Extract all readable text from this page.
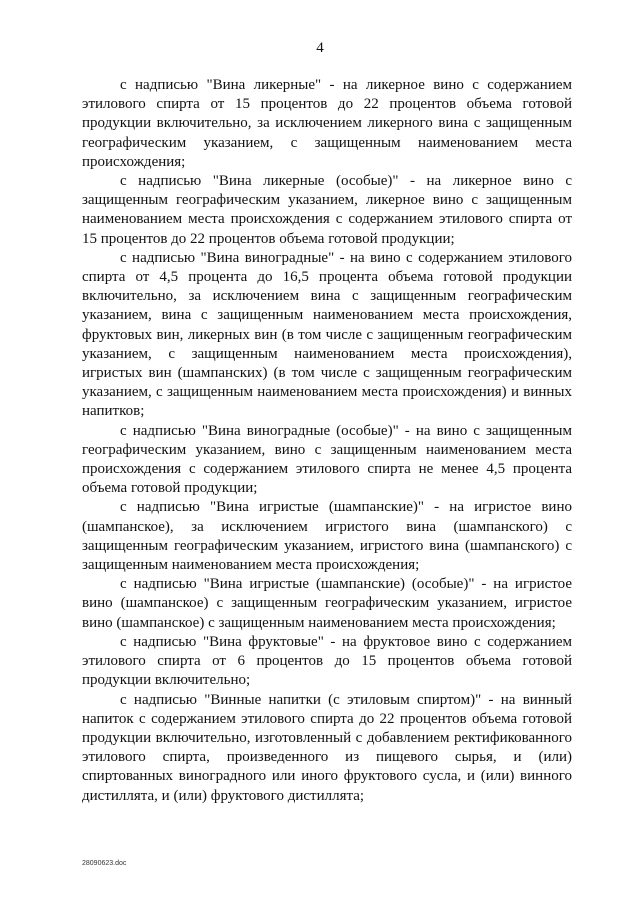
4

с надписью "Вина ликерные" - на ликерное вино с содержанием этилового спирта от 15 процентов до 22 процентов объема готовой продукции включительно, за исключением ликерного вина с защищенным географическим указанием, с защищенным наименованием места происхождения;

с надписью "Вина ликерные (особые)" - на ликерное вино с защищенным географическим указанием, ликерное вино с защищенным наименованием места происхождения с содержанием этилового спирта от 15 процентов до 22 процентов объема готовой продукции;

с надписью "Вина виноградные" - на вино с содержанием этилового спирта от 4,5 процента до 16,5 процента объема готовой продукции включительно, за исключением вина с защищенным географическим указанием, вина с защищенным наименованием места происхождения, фруктовых вин, ликерных вин (в том числе с защищенным географическим указанием, с защищенным наименованием места происхождения), игристых вин (шампанских) (в том числе с защищенным географическим указанием, с защищенным наименованием места происхождения) и винных напитков;

с надписью "Вина виноградные (особые)" - на вино с защищенным географическим указанием, вино с защищенным наименованием места происхождения с содержанием этилового спирта не менее 4,5 процента объема готовой продукции;

с надписью "Вина игристые (шампанские)" - на игристое вино (шампанское), за исключением игристого вина (шампанского) с защищенным географическим указанием, игристого вина (шампанского) с защищенным наименованием места происхождения;

с надписью "Вина игристые (шампанские) (особые)" - на игристое вино (шампанское) с защищенным географическим указанием, игристое вино (шампанское) с защищенным наименованием места происхождения;

с надписью "Вина фруктовые" - на фруктовое вино с содержанием этилового спирта от 6 процентов до 15 процентов объема готовой продукции включительно;

с надписью "Винные напитки (с этиловым спиртом)" - на винный напиток с содержанием этилового спирта до 22 процентов объема готовой продукции включительно, изготовленный с добавлением ректификованного этилового спирта, произведенного из пищевого сырья, и (или) спиртованных виноградного или иного фруктового сусла, и (или) винного дистиллята, и (или) фруктового дистиллята;

28090623.doc
